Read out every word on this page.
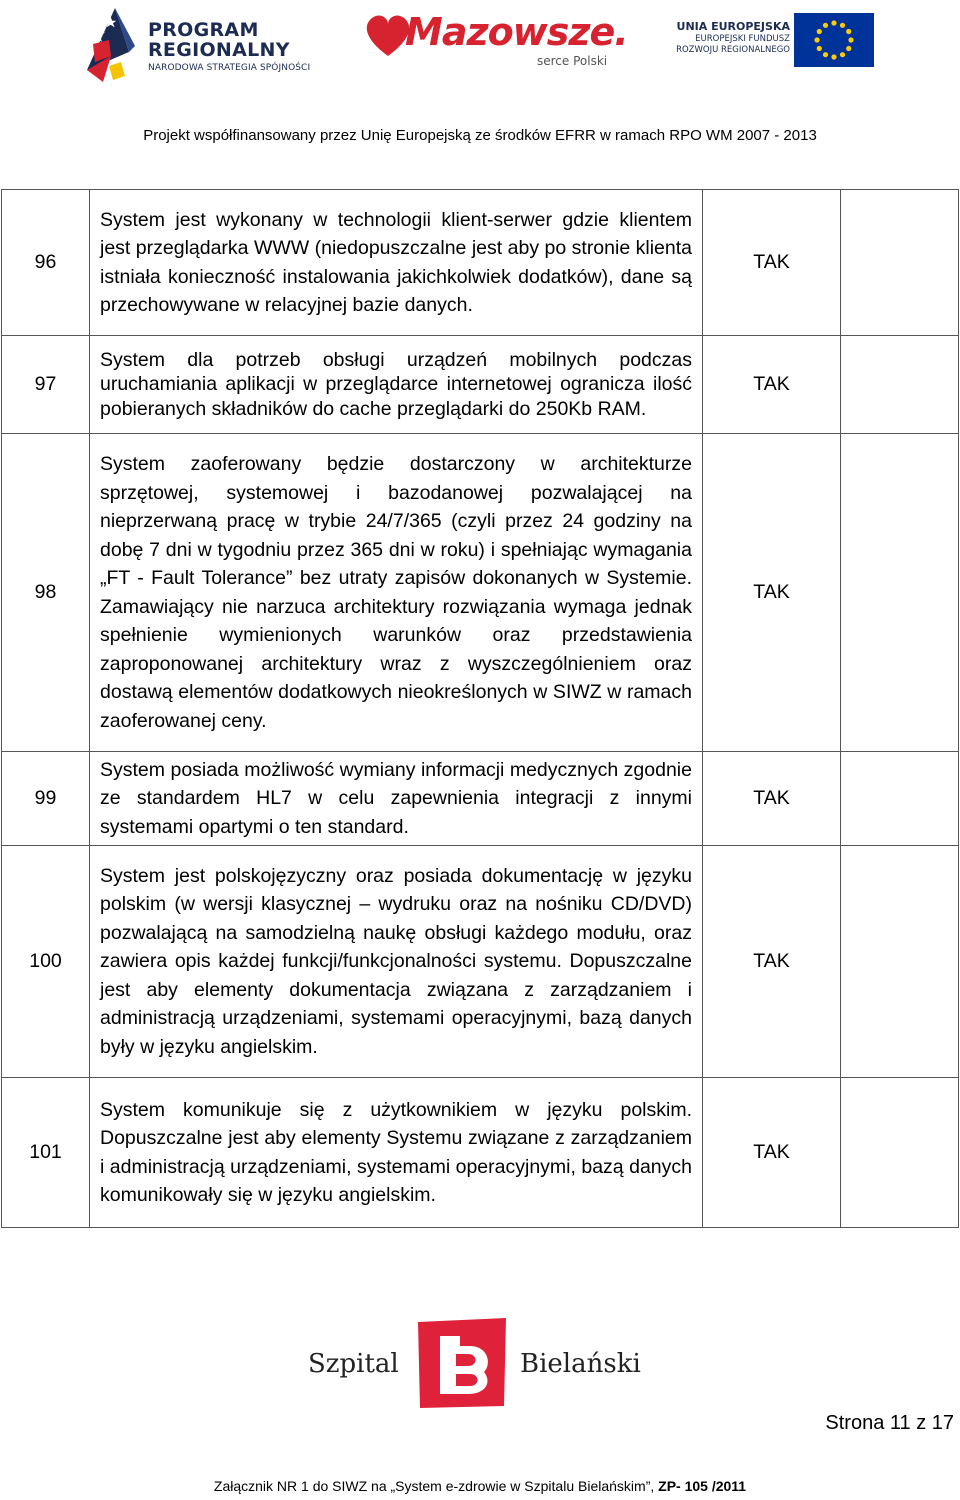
PROGRAM
REGIONALNY
NARODOWA STRATEGIA SPÓJNOŚCI
Mazowsze.
serce Polski
UNIA EUROPEJSKA
EUROPEJSKI FUNDUSZ
ROZWOJU REGIONALNEGO
Projekt współfinansowany przez Unię Europejską ze środków EFRR w ramach RPO WM 2007 - 2013
96	System jest wykonany w technologii klient-serwer gdzie klientem jest przeglądarka WWW (niedopuszczalne jest aby po stronie klienta istniała konieczność instalowania jakichkolwiek dodatków), dane są przechowywane w relacyjnej bazie danych.	TAK	
97	System dla potrzeb obsługi urządzeń mobilnych podczas uruchamiania aplikacji w przeglądarce internetowej ogranicza ilość pobieranych składników do cache przeglądarki do 250Kb RAM.	TAK	
98	System zaoferowany będzie dostarczony w architekturze sprzętowej, systemowej i bazodanowej pozwalającej na nieprzerwaną pracę w trybie 24/7/365 (czyli przez 24 godziny na dobę 7 dni w tygodniu przez 365 dni w roku) i spełniając wymagania „FT - Fault Tolerance” bez utraty zapisów dokonanych w Systemie. Zamawiający nie narzuca architektury rozwiązania wymaga jednak spełnienie wymienionych warunków oraz przedstawienia zaproponowanej architektury wraz z wyszczególnieniem oraz dostawą elementów dodatkowych nieokreślonych w SIWZ w ramach zaoferowanej ceny.	TAK	
99	System posiada możliwość wymiany informacji medycznych zgodnie ze standardem HL7 w celu zapewnienia integracji z innymi systemami opartymi o ten standard.	TAK	
100	System jest polskojęzyczny oraz posiada dokumentację w języku polskim (w wersji klasycznej – wydruku oraz na nośniku CD/DVD) pozwalającą na samodzielną naukę obsługi każdego modułu, oraz zawiera opis każdej funkcji/funkcjonalności systemu. Dopuszczalne jest aby elementy dokumentacja związana z zarządzaniem i administracją urządzeniami, systemami operacyjnymi, bazą danych były w języku angielskim.	TAK	
101	System komunikuje się z użytkownikiem w języku polskim. Dopuszczalne jest aby elementy Systemu związane z zarządzaniem i administracją urządzeniami, systemami operacyjnymi, bazą danych komunikowały się w języku angielskim.	TAK	
Szpital	Bielański
Strona 11 z 17
Załącznik NR 1 do SIWZ na „System e-zdrowie w Szpitalu Bielańskim”, ZP- 105 /2011
